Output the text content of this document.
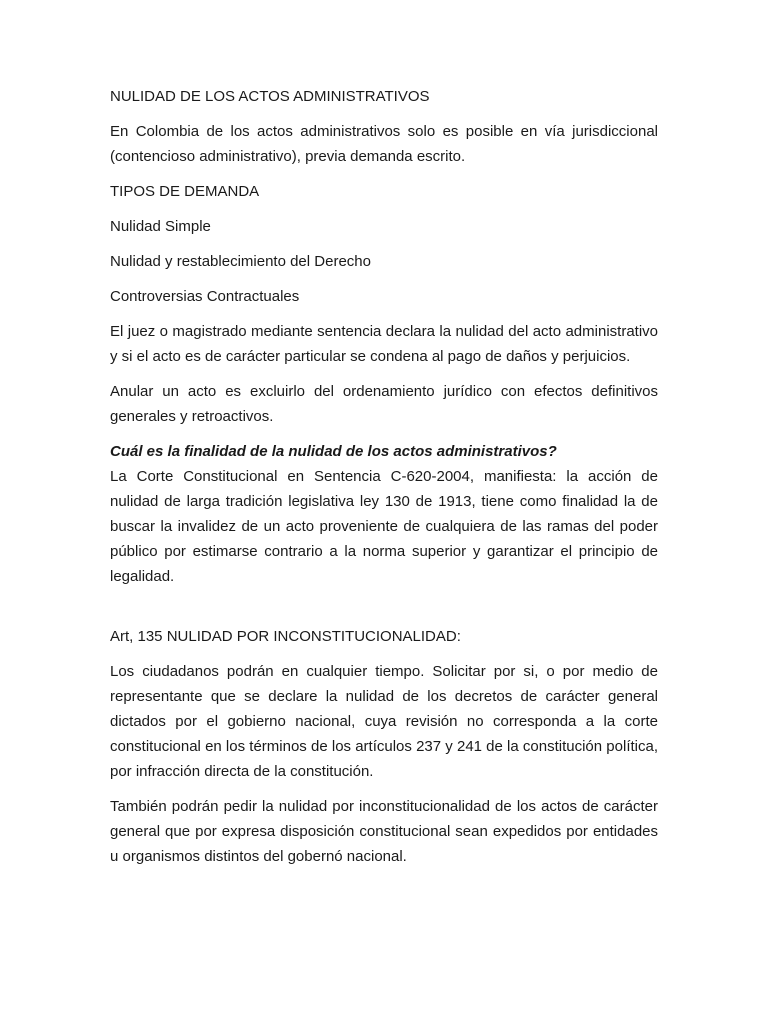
NULIDAD DE LOS ACTOS ADMINISTRATIVOS

En Colombia de los actos administrativos solo es posible en vía jurisdiccional (contencioso administrativo), previa demanda escrito.

TIPOS DE DEMANDA

Nulidad Simple

Nulidad y restablecimiento del Derecho

Controversias Contractuales

El juez o magistrado mediante sentencia declara la nulidad del acto administrativo y si el acto es de carácter particular se condena al pago de daños y perjuicios.

Anular un acto es excluirlo del ordenamiento jurídico con efectos definitivos generales y retroactivos.

Cuál es la finalidad de la nulidad de los actos administrativos?

La Corte Constitucional en Sentencia C-620-2004, manifiesta: la acción de nulidad de larga tradición legislativa ley 130 de 1913, tiene como finalidad la de buscar la invalidez de un acto proveniente de cualquiera de las ramas del poder público por estimarse contrario a la norma superior y garantizar el principio de legalidad.

Art, 135 NULIDAD POR INCONSTITUCIONALIDAD:

Los ciudadanos podrán en cualquier tiempo. Solicitar por si, o por medio de representante que se declare la nulidad de los decretos de carácter general dictados por el gobierno nacional, cuya revisión no corresponda a la corte constitucional en los términos de los artículos 237 y 241 de la constitución política, por infracción directa de la constitución.

También podrán pedir la nulidad por inconstitucionalidad de los actos de carácter general que por expresa disposición constitucional sean expedidos por entidades u organismos distintos del gobernó nacional.
